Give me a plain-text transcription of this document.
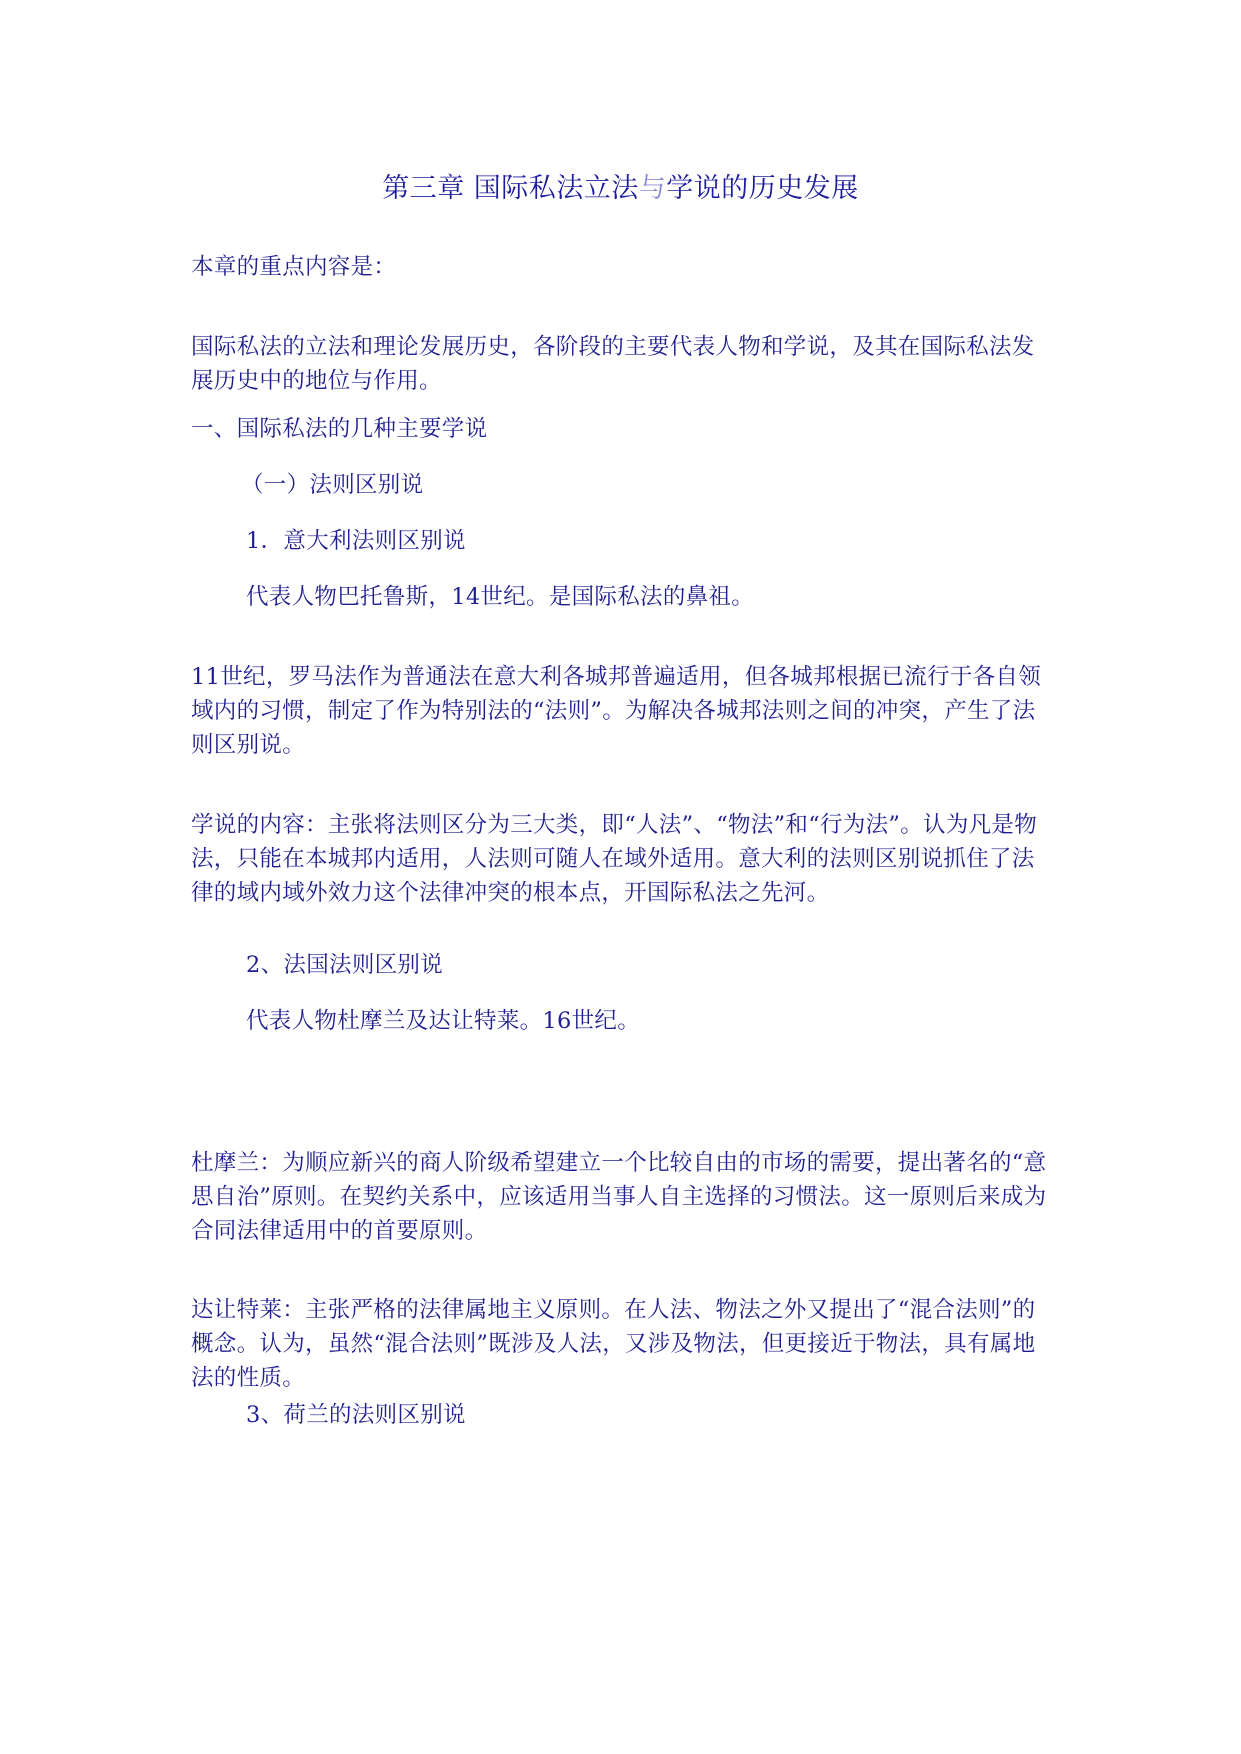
第三章 国际私法立法与学说的历史发展
本章的重点内容是：
国际私法的立法和理论发展历史，各阶段的主要代表人物和学说，及其在国际私法发展历史中的地位与作用。
一、国际私法的几种主要学说
（一）法则区别说
1．意大利法则区别说
代表人物巴托鲁斯，14世纪。是国际私法的鼻祖。
11世纪，罗马法作为普通法在意大利各城邦普遍适用，但各城邦根据已流行于各自领域内的习惯，制定了作为特别法的“法则”。为解决各城邦法则之间的冲突，产生了法则区别说。
学说的内容：主张将法则区分为三大类，即“人法”、“物法”和“行为法”。认为凡是物法，只能在本城邦内适用，人法则可随人在域外适用。意大利的法则区别说抓住了法律的域内域外效力这个法律冲突的根本点，开国际私法之先河。
2、法国法则区别说
代表人物杜摩兰及达让特莱。16世纪。
杜摩兰：为顺应新兴的商人阶级希望建立一个比较自由的市场的需要，提出著名的“意思自治”原则。在契约关系中，应该适用当事人自主选择的习惯法。这一原则后来成为合同法律适用中的首要原则。
达让特莱：主张严格的法律属地主义原则。在人法、物法之外又提出了“混合法则”的概念。认为，虽然“混合法则”既涉及人法，又涉及物法，但更接近于物法，具有属地法的性质。
3、荷兰的法则区别说
